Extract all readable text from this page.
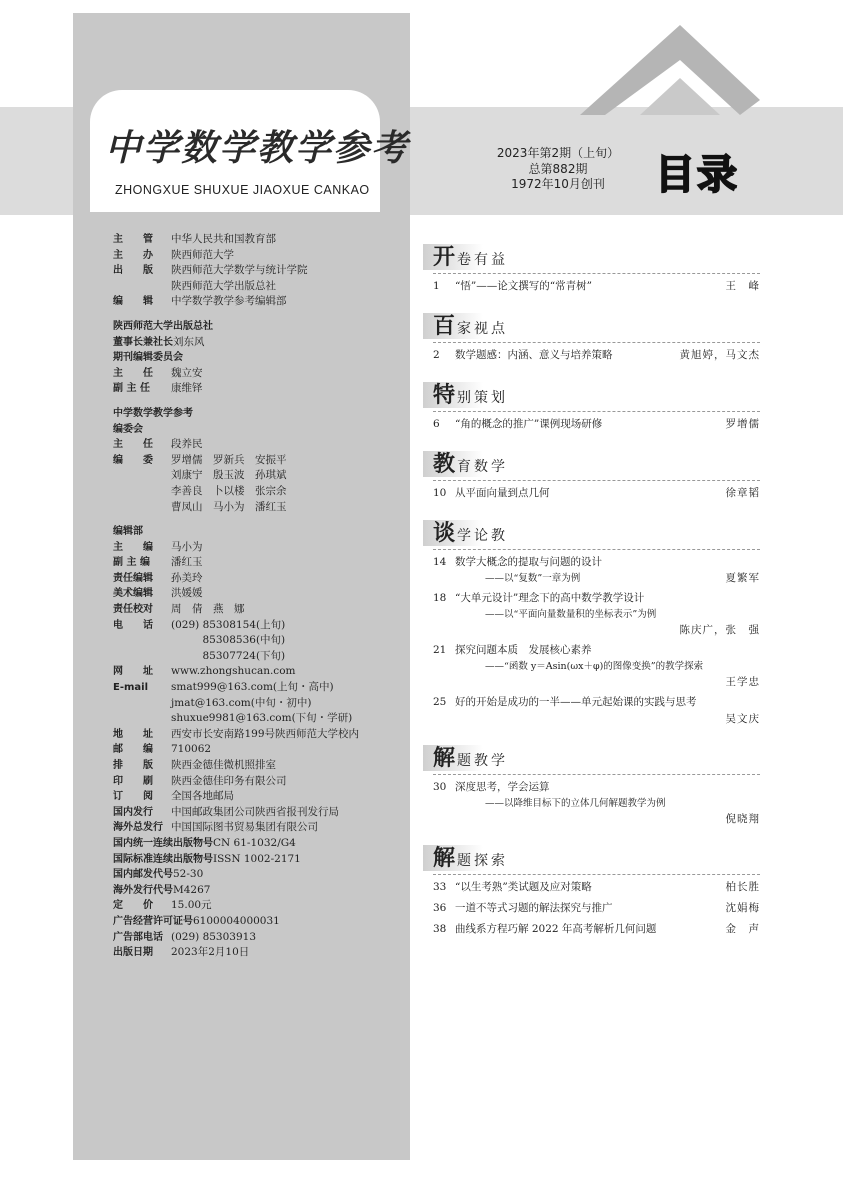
中学数学教学参考
ZHONGXUE SHUXUE JIAOXUE CANKAO
2023年第2期（上旬）
总第882期
1972年10月创刊	目录
主　　管	中华人民共和国教育部
主　　办	陕西师范大学
出　　版	陕西师范大学数学与统计学院
陕西师范大学出版总社
编　　辑	中学数学教学参考编辑部
陕西师范大学出版总社
董事长兼社长 刘东风
期刊编辑委员会
主　　任	魏立安
副 主 任	康维铎
中学数学教学参考
编委会
主　　任	段养民
编　　委	罗增儒　罗新兵　安振平
刘康宁　殷玉波　孙琪斌
李善良　卜以楼　张宗余
曹凤山　马小为　潘红玉
编辑部
主　　编	马小为
副 主 编	潘红玉
责任编辑	孙美玲
美术编辑	洪媛媛
责任校对	周　倩　燕　娜
电　　话	(029) 85308154(上旬)
　　　85308536(中旬)
　　　85307724(下旬)
网　　址	www.zhongshucan.com
E-mail	smat999@163.com(上旬・高中)
jmat@163.com(中旬・初中)
shuxue9981@163.com(下旬・学研)
地　　址	西安市长安南路199号陕西师范大学校内
邮　　编	710062
排　　版	陕西金德佳微机照排室
印　　刷	陕西金德佳印务有限公司
订　　阅	全国各地邮局
国内发行	中国邮政集团公司陕西省报刊发行局
海外总发行 中国国际图书贸易集团有限公司
国内统一连续出版物号 CN 61-1032/G4
国际标准连续出版物号 ISSN 1002-2171
国内邮发代号 52-30
海外发行代号 M4267
定　　价	15.00元
广告经营许可证号 6100004000031
广告部电话 (029) 85303913
出版日期	2023年2月10日
开 卷有益
1	“悟”——论文撰写的“常青树”	王　峰
百 家视点
2	数学题感：内涵、意义与培养策略	黄旭婷，马文杰
特 别策划
6	“角的概念的推广”课例现场研修	罗增儒
教 育数学
10 从平面向量到点几何	徐章韬
谈 学论教
14 数学大概念的提取与问题的设计
——以“复数”一章为例	夏繁军
18 “大单元设计”理念下的高中数学教学设计
——以“平面向量数量积的坐标表示”为例
陈庆广，张　强
21 探究问题本质　发展核心素养
——“函数 y＝Asin(ωx＋φ)的图像变换”的教学探索
王学忠
25 好的开始是成功的一半——单元起始课的实践与思考
吴文庆
解 题教学
30 深度思考，学会运算
——以降维目标下的立体几何解题教学为例
倪晓翔
解 题探索
33 “以生考熟”类试题及应对策略	柏长胜
36 一道不等式习题的解法探究与推广	沈娟梅
38 曲线系方程巧解 2022 年高考解析几何问题	金　声
